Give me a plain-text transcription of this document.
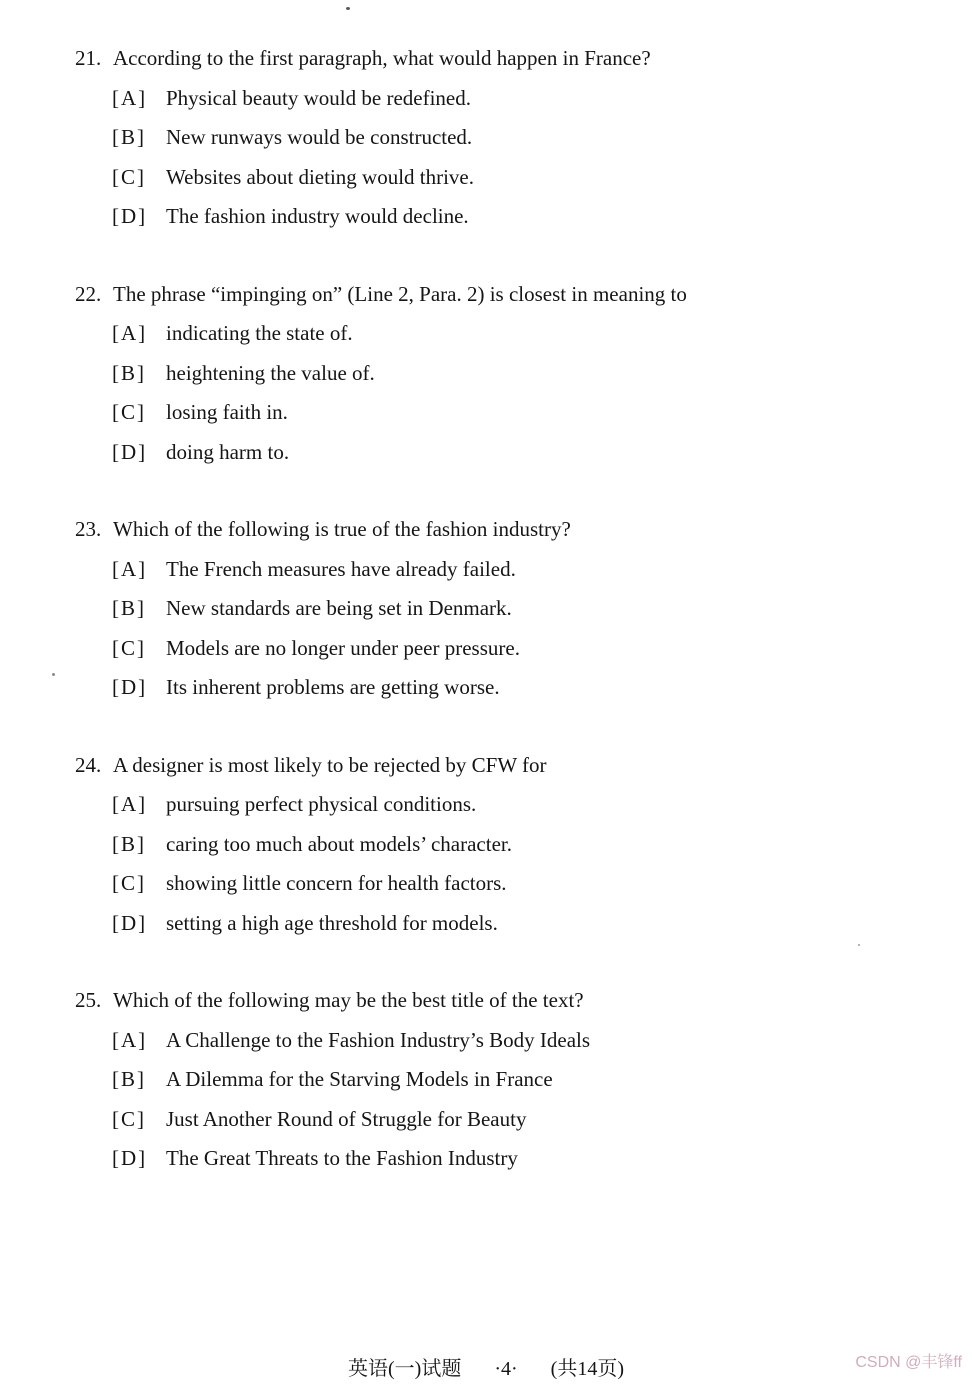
21. According to the first paragraph, what would happen in France?
[A] Physical beauty would be redefined.
[B] New runways would be constructed.
[C] Websites about dieting would thrive.
[D] The fashion industry would decline.
22. The phrase “impinging on” (Line 2, Para. 2) is closest in meaning to
[A] indicating the state of.
[B] heightening the value of.
[C] losing faith in.
[D] doing harm to.
23. Which of the following is true of the fashion industry?
[A] The French measures have already failed.
[B] New standards are being set in Denmark.
[C] Models are no longer under peer pressure.
[D] Its inherent problems are getting worse.
24. A designer is most likely to be rejected by CFW for
[A] pursuing perfect physical conditions.
[B] caring too much about models’ character.
[C] showing little concern for health factors.
[D] setting a high age threshold for models.
25. Which of the following may be the best title of the text?
[A] A Challenge to the Fashion Industry’s Body Ideals
[B] A Dilemma for the Starving Models in France
[C] Just Another Round of Struggle for Beauty
[D] The Great Threats to the Fashion Industry
英语(一)试题 ·4· (共14页)	CSDN @丰锋ff
